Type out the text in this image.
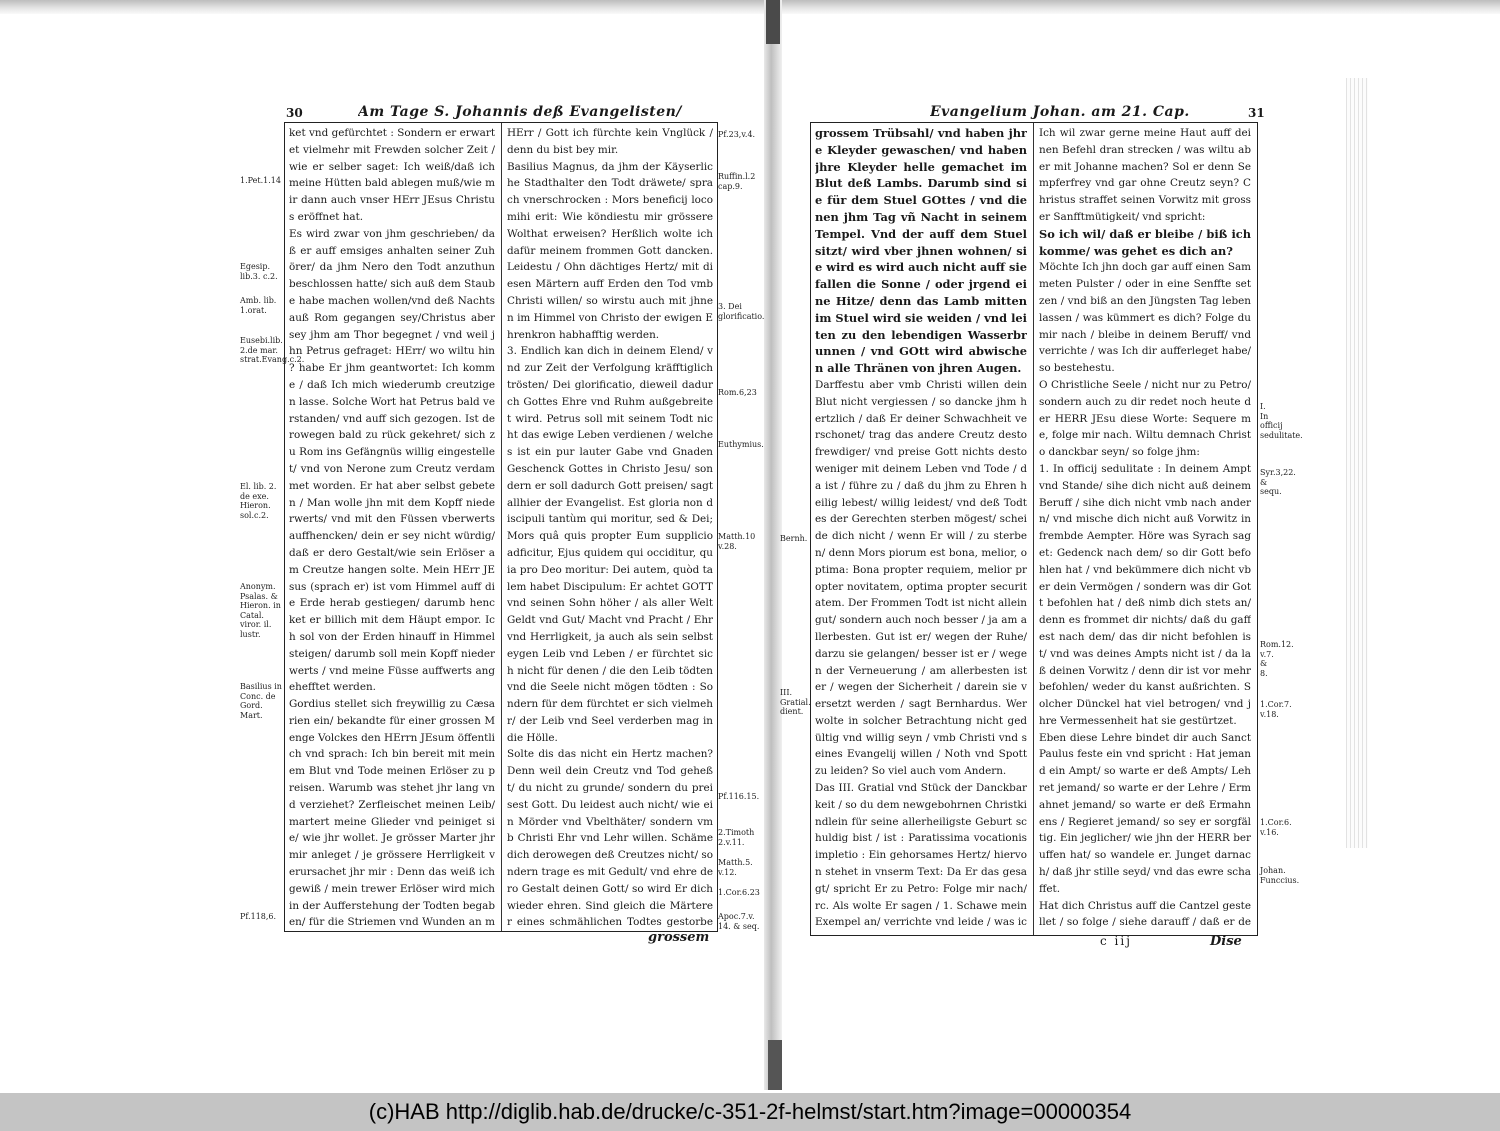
30	Am Tage S. Johannis deß Evangelisten/

ket vnd gefürchtet : Sondern er erwartet vielmehr mit Frewden solcher Zeit / wie er selber saget: Ich weiß/daß ich meine Hütten bald ablegen muß/wie mir dann auch vnser HErr JEsus Christus eröffnet hat.

Es wird zwar von jhm geschrieben/ daß er auff emsiges anhalten seiner Zuhörer/ da jhm Nero den Todt anzuthun beschlossen hatte/ sich auß dem Staube habe machen wollen/vnd deß Nachts auß Rom gegangen sey/Christus aber sey jhm am Thor begegnet / vnd weil jhn Petrus gefraget: HErr/ wo wiltu hin ? habe Er jhm geantwortet: Ich komme / daß Ich mich wiederumb creutzigen lasse. Solche Wort hat Petrus bald verstanden/ vnd auff sich gezogen. Ist derowegen bald zu rück gekehret/ sich zu Rom ins Gefängnüs willig eingestellet/ vnd von Nerone zum Creutz verdammet worden. Er hat aber selbst gebeten / Man wolle jhn mit dem Kopff niederwerts/ vnd mit den Füssen vberwerts auffhencken/ dein er sey nicht würdig/daß er dero Gestalt/wie sein Erlöser am Creutze hangen solte. Mein HErr JEsus (sprach er) ist vom Himmel auff die Erde herab gestiegen/ darumb hencket er billich mit dem Häupt empor. Ich sol von der Erden hinauff in Himmel steigen/ darumb soll mein Kopff niederwerts / vnd meine Füsse auffwerts angehefftet werden.

Gordius stellet sich freywillig zu Cæsarien ein/ bekandte für einer grossen Menge Volckes den HErrn JEsum öffentlich vnd sprach: Ich bin bereit mit meinem Blut vnd Tode meinen Erlöser zu preisen. Warumb was stehet jhr lang vnd verziehet? Zerfleischet meinen Leib/ martert meine Glieder vnd peiniget sie/ wie jhr wollet. Je grösser Marter jhr mir anleget / je grössere Herrligkeit verursachet jhr mir : Denn das weiß ich gewiß / mein trewer Erlöser wird mich in der Aufferstehung der Todten begaben/ für die Striemen vnd Wunden an m

HErr / Gott ich fürchte kein Vnglück / denn du bist bey mir.

Basilius Magnus, da jhm der Käyserliche Stadthalter den Todt dräwete/ sprach vnerschrocken : Mors beneficij loco mihi erit: Wie köndiestu mir grössere Wolthat erweisen? Herßlich wolte ich dafür meinem frommen Gott dancken. Leidestu / Ohn dächtiges Hertz/ mit diesen Märtern auff Erden den Tod vmb Christi willen/ so wirstu auch mit jhnen im Himmel von Christo der ewigen Ehrenkron habhafftig werden.

3. Endlich kan dich in deinem Elend/ vnd zur Zeit der Verfolgung kräfftiglich trösten/ Dei glorificatio, dieweil dadurch Gottes Ehre vnd Ruhm außgebreitet wird. Petrus soll mit seinem Todt nicht das ewige Leben verdienen / welches ist ein pur lauter Gabe vnd Gnaden Geschenck Gottes in Christo Jesu/ sondern er soll dadurch Gott preisen/ sagt allhier der Evangelist. Est gloria non discipuli tantùm qui moritur, sed & Dei; Mors quâ quis propter Eum supplicio adficitur, Ejus quidem qui occiditur, quia pro Deo moritur: Dei autem, quòd talem habet Discipulum: Er achtet GOTT vnd seinen Sohn höher / als aller Welt Geldt vnd Gut/ Macht vnd Pracht / Ehr vnd Herrligkeit, ja auch als sein selbst eygen Leib vnd Leben / er fürchtet sich nicht für denen / die den Leib tödten vnd die Seele nicht mögen tödten : Sondern für dem fürchtet er sich vielmehr/ der Leib vnd Seel verderben mag in die Hölle.

Solte dis das nicht ein Hertz machen? Denn weil dein Creutz vnd Tod geheßt/ du nicht zu grunde/ sondern du preisest Gott. Du leidest auch nicht/ wie ein Mörder vnd Vbelthäter/ sondern vmb Christi Ehr vnd Lehr willen. Schäme dich derowegen deß Creutzes nicht/ sondern trage es mit Gedult/ vnd ehre dero Gestalt deinen Gott/ so wird Er dich wieder ehren. Sind gleich die Märterer eines schmählichen Todtes gestorbe

1.Pet.1.14
Egesip. lib.3. c.2.
Amb. lib. 1.orat.
Eusebi.lib. 2.de mar. strat.Evang.c.2.
El. lib. 2. de exe. Hieron. sol.c.2.
Anonym. Psalas. & Hieron. in Catal. viror. il. lustr.
Basilius in Conc. de Gord. Mart.
Pf.118,6.
Pf.23,v.4.
Ruffin.l.2 cap.9.
3. Dei glorificatio.
Rom.6,23
Euthymius.
Matth.10 v.28.
Pf.116.15.
2.Timoth 2.v.11.
Matth.5. v.12.
1.Cor.6.23
Apoc.7.v. 14. & seq.
grossem
Evangelium Johan. am 21. Cap.	31

grossem Trübsahl/ vnd haben jhre Kleyder gewaschen/ vnd haben jhre Kleyder helle gemachet im Blut deß Lambs. Darumb sind sie für dem Stuel GOttes / vnd dienen jhm Tag vñ Nacht in seinem Tempel. Vnd der auff dem Stuel sitzt/ wird vber jhnen wohnen/ sie wird es wird auch nicht auff sie fallen die Sonne / oder jrgend eine Hitze/ denn das Lamb mitten im Stuel wird sie weiden / vnd leiten zu den lebendigen Wasserbrunnen / vnd GOtt wird abwischen alle Thränen von jhren Augen.

Darffestu aber vmb Christi willen dein Blut nicht vergiessen / so dancke jhm hertzlich / daß Er deiner Schwachheit verschonet/ trag das andere Creutz desto frewdiger/ vnd preise Gott nichts desto weniger mit deinem Leben vnd Tode / da ist / führe zu / daß du jhm zu Ehren heilig lebest/ willig leidest/ vnd deß Todtes der Gerechten sterben mögest/ scheide dich nicht / wenn Er will / zu sterben/ denn Mors piorum est bona, melior, optima: Bona propter requiem, melior propter novitatem, optima propter securitatem. Der Frommen Todt ist nicht allein gut/ sondern auch noch besser / ja am allerbesten. Gut ist er/ wegen der Ruhe/ darzu sie gelangen/ besser ist er / wegen der Verneuerung / am allerbesten ist er / wegen der Sicherheit / darein sie versetzt werden / sagt Bernhardus. Wer wolte in solcher Betrachtung nicht gedültig vnd willig seyn / vmb Christi vnd seines Evangelij willen / Noth vnd Spott zu leiden? So viel auch vom Andern.

Das III. Gratial vnd Stück der Danckbarkeit / so du dem newgebohrnen Christkindlein für seine allerheiligste Geburt schuldig bist / ist : Paratissima vocationis impletio : Ein gehorsames Hertz/ hiervon stehet in vnserm Text: Da Er das gesagt/ spricht Er zu Petro: Folge mir nach/ rc. Als wolte Er sagen / 1. Schawe mein Exempel an/ verrichte vnd leide / was ic

Ich wil zwar gerne meine Haut auff deinen Befehl dran strecken / was wiltu aber mit Johanne machen? Sol er denn Sempferfrey vnd gar ohne Creutz seyn? Christus straffet seinen Vorwitz mit grosser Sanfftmütigkeit/ vnd spricht:

So ich wil/ daß er bleibe / biß ich komme/ was gehet es dich an?

Möchte Ich jhn doch gar auff einen Sammeten Pulster / oder in eine Senffte setzen / vnd biß an den Jüngsten Tag leben lassen / was kümmert es dich? Folge du mir nach / bleibe in deinem Beruff/ vnd verrichte / was Ich dir aufferleget habe/ so bestehestu.

O Christliche Seele / nicht nur zu Petro/ sondern auch zu dir redet noch heute der HERR JEsu diese Worte: Sequere me, folge mir nach. Wiltu demnach Christo danckbar seyn/ so folge jhm:

1. In officij sedulitate : In deinem Ampt vnd Stande/ sihe dich nicht auß deinem Beruff / sihe dich nicht vmb nach andern/ vnd mische dich nicht auß Vorwitz in frembde Aempter. Höre was Syrach saget: Gedenck nach dem/ so dir Gott befohlen hat / vnd bekümmere dich nicht vber dein Vermögen / sondern was dir Gott befohlen hat / deß nimb dich stets an/ denn es frommet dir nichts/ daß du gaffest nach dem/ das dir nicht befohlen ist/ vnd was deines Ampts nicht ist / da laß deinen Vorwitz / denn dir ist vor mehr befohlen/ weder du kanst außrichten. Solcher Dünckel hat viel betrogen/ vnd jhre Vermessenheit hat sie gestürtzet.

Eben diese Lehre bindet dir auch Sanct Paulus feste ein vnd spricht : Hat jemand ein Ampt/ so warte er deß Ampts/ Lehret jemand/ so warte er der Lehre / Ermahnet jemand/ so warte er deß Ermahnens / Regieret jemand/ so sey er sorgfältig. Ein jeglicher/ wie jhn der HERR beruffen hat/ so wandele er. Junget darnach/ daß jhr stille seyd/ vnd das ewre schaffet.

Hat dich Christus auff die Cantzel gestellet / so folge / siehe darauff / daß er de

Bernh.
III. Gratial. dient.
I. In officij sedulitate.
Syr.3,22. & sequ.
Rom.12. v.7. & 8.
1.Cor.7. v.18.
1.Cor.6. v.16.
Johan. Funccius.
c iij	Dise
(c)HAB http://diglib.hab.de/drucke/c-351-2f-helmst/start.htm?image=00000354
